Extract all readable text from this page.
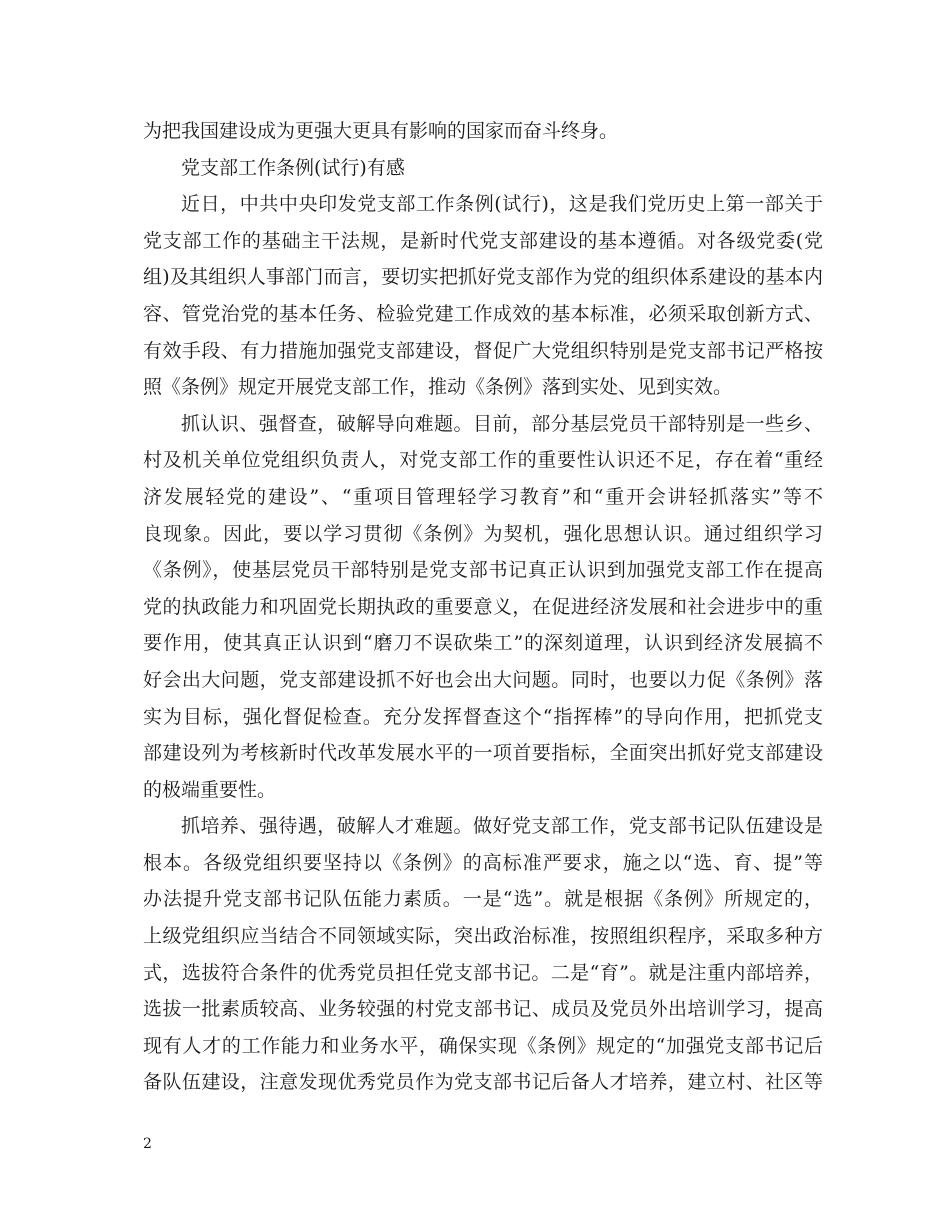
为把我国建设成为更强大更具有影响的国家而奋斗终身。
党支部工作条例(试行)有感
近日，中共中央印发党支部工作条例(试行)，这是我们党历史上第一部关于
党支部工作的基础主干法规，是新时代党支部建设的基本遵循。对各级党委(党
组)及其组织人事部门而言，要切实把抓好党支部作为党的组织体系建设的基本内
容、管党治党的基本任务、检验党建工作成效的基本标准，必须采取创新方式、
有效手段、有力措施加强党支部建设，督促广大党组织特别是党支部书记严格按
照《条例》规定开展党支部工作，推动《条例》落到实处、见到实效。
抓认识、强督查，破解导向难题。目前，部分基层党员干部特别是一些乡、
村及机关单位党组织负责人，对党支部工作的重要性认识还不足，存在着“重经
济发展轻党的建设”、“重项目管理轻学习教育”和“重开会讲轻抓落实”等不
良现象。因此，要以学习贯彻《条例》为契机，强化思想认识。通过组织学习
《条例》，使基层党员干部特别是党支部书记真正认识到加强党支部工作在提高
党的执政能力和巩固党长期执政的重要意义，在促进经济发展和社会进步中的重
要作用，使其真正认识到“磨刀不误砍柴工”的深刻道理，认识到经济发展搞不
好会出大问题，党支部建设抓不好也会出大问题。同时，也要以力促《条例》落
实为目标，强化督促检查。充分发挥督查这个“指挥棒”的导向作用，把抓党支
部建设列为考核新时代改革发展水平的一项首要指标，全面突出抓好党支部建设
的极端重要性。
抓培养、强待遇，破解人才难题。做好党支部工作，党支部书记队伍建设是
根本。各级党组织要坚持以《条例》的高标准严要求，施之以“选、育、提”等
办法提升党支部书记队伍能力素质。一是“选”。就是根据《条例》所规定的，
上级党组织应当结合不同领域实际，突出政治标准，按照组织程序，采取多种方
式，选拔符合条件的优秀党员担任党支部书记。二是“育”。就是注重内部培养，
选拔一批素质较高、业务较强的村党支部书记、成员及党员外出培训学习，提高
现有人才的工作能力和业务水平，确保实现《条例》规定的“加强党支部书记后
备队伍建设，注意发现优秀党员作为党支部书记后备人才培养，建立村、社区等
2
